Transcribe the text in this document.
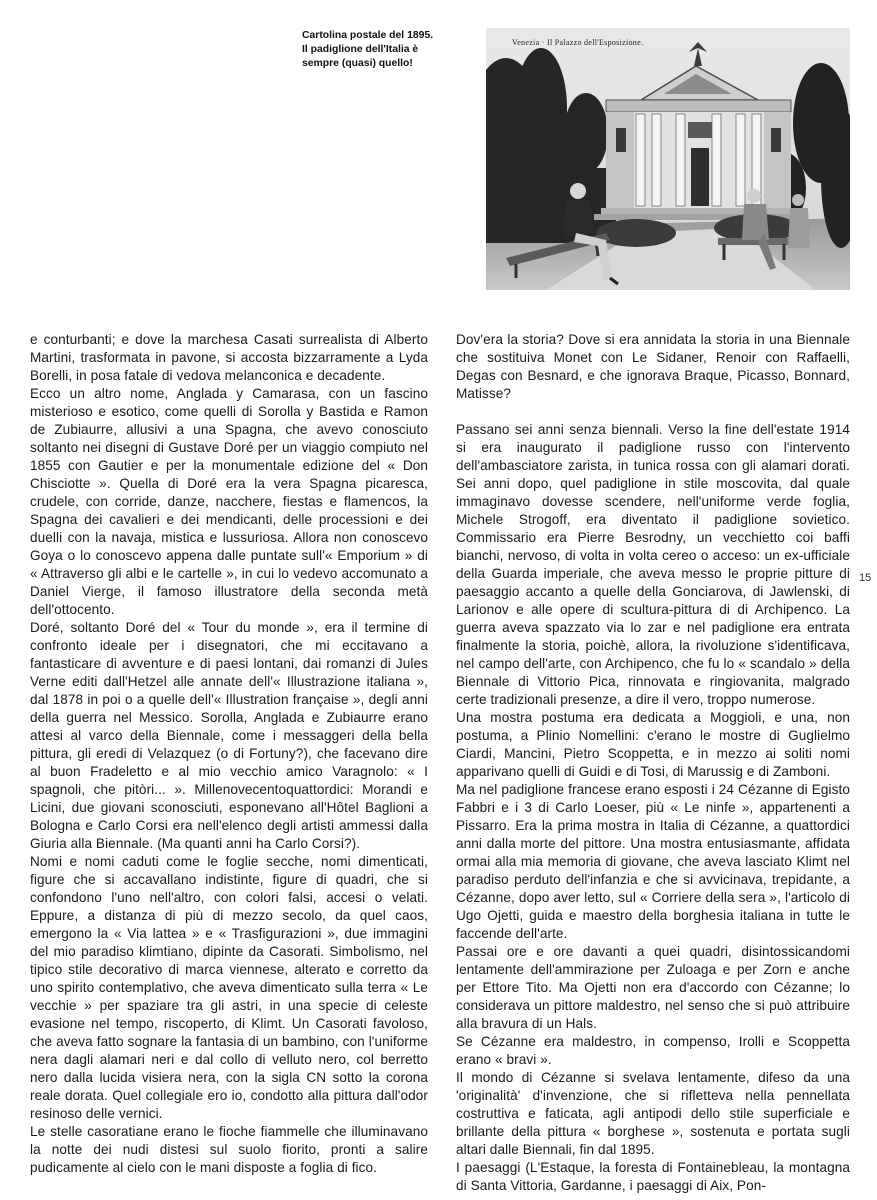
Cartolina postale del 1895.
Il padiglione dell'Italia è
sempre (quasi) quello!
Venezia · Il Palazzo dell'Esposizione.

e conturbanti; e dove la marchesa Casati surrealista di Alberto Martini, trasformata in pavone, si accosta bizzarramente a Lyda Borelli, in posa fatale di vedova melanconica e decadente.

Ecco un altro nome, Anglada y Camarasa, con un fascino misterioso e esotico, come quelli di Sorolla y Bastida e Ramon de Zubiaurre, allusivi a una Spagna, che avevo conosciuto soltanto nei disegni di Gustave Doré per un viaggio compiuto nel 1855 con Gautier e per la monumentale edizione del « Don Chisciotte ». Quella di Doré era la vera Spagna picaresca, crudele, con corride, danze, nacchere, fiestas e flamencos, la Spagna dei cavalieri e dei mendicanti, delle processioni e dei duelli con la navaja, mistica e lussuriosa. Allora non conoscevo Goya o lo conoscevo appena dalle puntate sull'« Emporium » di « Attraverso gli albi e le cartelle », in cui lo vedevo accomunato a Daniel Vierge, il famoso illustratore della seconda metà dell'ottocento.

Doré, soltanto Doré del « Tour du monde », era il termine di confronto ideale per i disegnatori, che mi eccitavano a fantasticare di avventure e di paesi lontani, dai romanzi di Jules Verne editi dall'Hetzel alle annate dell'« Illustrazione italiana », dal 1878 in poi o a quelle dell'« Illustration française », degli anni della guerra nel Messico. Sorolla, Anglada e Zubiaurre erano attesi al varco della Biennale, come i messaggeri della bella pittura, gli eredi di Velazquez (o di Fortuny?), che facevano dire al buon Fradeletto e al mio vecchio amico Varagnolo: « I spagnoli, che pitòri... ». Millenovecentoquattordici: Morandi e Licini, due giovani sconosciuti, esponevano all'Hôtel Baglioni a Bologna e Carlo Corsi era nell'elenco degli artisti ammessi dalla Giuria alla Biennale. (Ma quanti anni ha Carlo Corsi?).

Nomi e nomi caduti come le foglie secche, nomi dimenticati, figure che si accavallano indistinte, figure di quadri, che si confondono l'uno nell'altro, con colori falsi, accesi o velati. Eppure, a distanza di più di mezzo secolo, da quel caos, emergono la « Via lattea » e « Trasfigurazioni », due immagini del mio paradiso klimtiano, dipinte da Casorati. Simbolismo, nel tipico stile decorativo di marca viennese, alterato e corretto da uno spirito contemplativo, che aveva dimenticato sulla terra « Le vecchie » per spaziare tra gli astri, in una specie di celeste evasione nel tempo, riscoperto, di Klimt. Un Casorati favoloso, che aveva fatto sognare la fantasia di un bambino, con l'uniforme nera dagli alamari neri e dal collo di velluto nero, col berretto nero dalla lucida visiera nera, con la sigla CN sotto la corona reale dorata. Quel collegiale ero io, condotto alla pittura dall'odor resinoso delle vernici.

Le stelle casoratiane erano le fioche fiammelle che illuminavano la notte dei nudi distesi sul suolo fiorito, pronti a salire pudicamente al cielo con le mani disposte a foglia di fico.

Dov'era la storia? Dove si era annidata la storia in una Biennale che sostituiva Monet con Le Sidaner, Renoir con Raffaelli, Degas con Besnard, e che ignorava Braque, Picasso, Bonnard, Matisse?

Passano sei anni senza biennali. Verso la fine dell'estate 1914 si era inaugurato il padiglione russo con l'intervento dell'ambasciatore zarista, in tunica rossa con gli alamari dorati. Sei anni dopo, quel padiglione in stile moscovita, dal quale immaginavo dovesse scendere, nell'uniforme verde foglia, Michele Strogoff, era diventato il padiglione sovietico. Commissario era Pierre Besrodny, un vecchietto coi baffi bianchi, nervoso, di volta in volta cereo o acceso: un ex-ufficiale della Guarda imperiale, che aveva messo le proprie pitture di paesaggio accanto a quelle della Gonciarova, di Jawlenski, di Larionov e alle opere di scultura-pittura di di Archipenco. La guerra aveva spazzato via lo zar e nel padiglione era entrata finalmente la storia, poichè, allora, la rivoluzione s'identificava, nel campo dell'arte, con Archipenco, che fu lo « scandalo » della Biennale di Vittorio Pica, rinnovata e ringiovanita, malgrado certe tradizionali presenze, a dire il vero, troppo numerose.

Una mostra postuma era dedicata a Moggioli, e una, non postuma, a Plinio Nomellini: c'erano le mostre di Guglielmo Ciardi, Mancini, Pietro Scoppetta, e in mezzo ai soliti nomi apparivano quelli di Guidi e di Tosi, di Marussig e di Zamboni.

Ma nel padiglione francese erano esposti i 24 Cézanne di Egisto Fabbri e i 3 di Carlo Loeser, più « Le ninfe », appartenenti a Pissarro. Era la prima mostra in Italia di Cézanne, a quattordici anni dalla morte del pittore. Una mostra entusiasmante, affidata ormai alla mia memoria di giovane, che aveva lasciato Klimt nel paradiso perduto dell'infanzia e che si avvicinava, trepidante, a Cézanne, dopo aver letto, sul « Corriere della sera », l'articolo di Ugo Ojetti, guida e maestro della borghesia italiana in tutte le faccende dell'arte.

Passai ore e ore davanti a quei quadri, disintossicandomi lentamente dell'ammirazione per Zuloaga e per Zorn e anche per Ettore Tito. Ma Ojetti non era d'accordo con Cézanne; lo considerava un pittore maldestro, nel senso che si può attribuire alla bravura di un Hals.

Se Cézanne era maldestro, in compenso, Irolli e Scoppetta erano « bravi ».

Il mondo di Cézanne si svelava lentamente, difeso da una 'originalità' d'invenzione, che si rifletteva nella pennellata costruttiva e faticata, agli antipodi dello stile superficiale e brillante della pittura « borghese », sostenuta e portata sugli altari dalle Biennali, fin dal 1895.

I paesaggi (L'Estaque, la foresta di Fontainebleau, la montagna di Santa Vittoria, Gardanne, i paesaggi di Aix, Pon-

15
